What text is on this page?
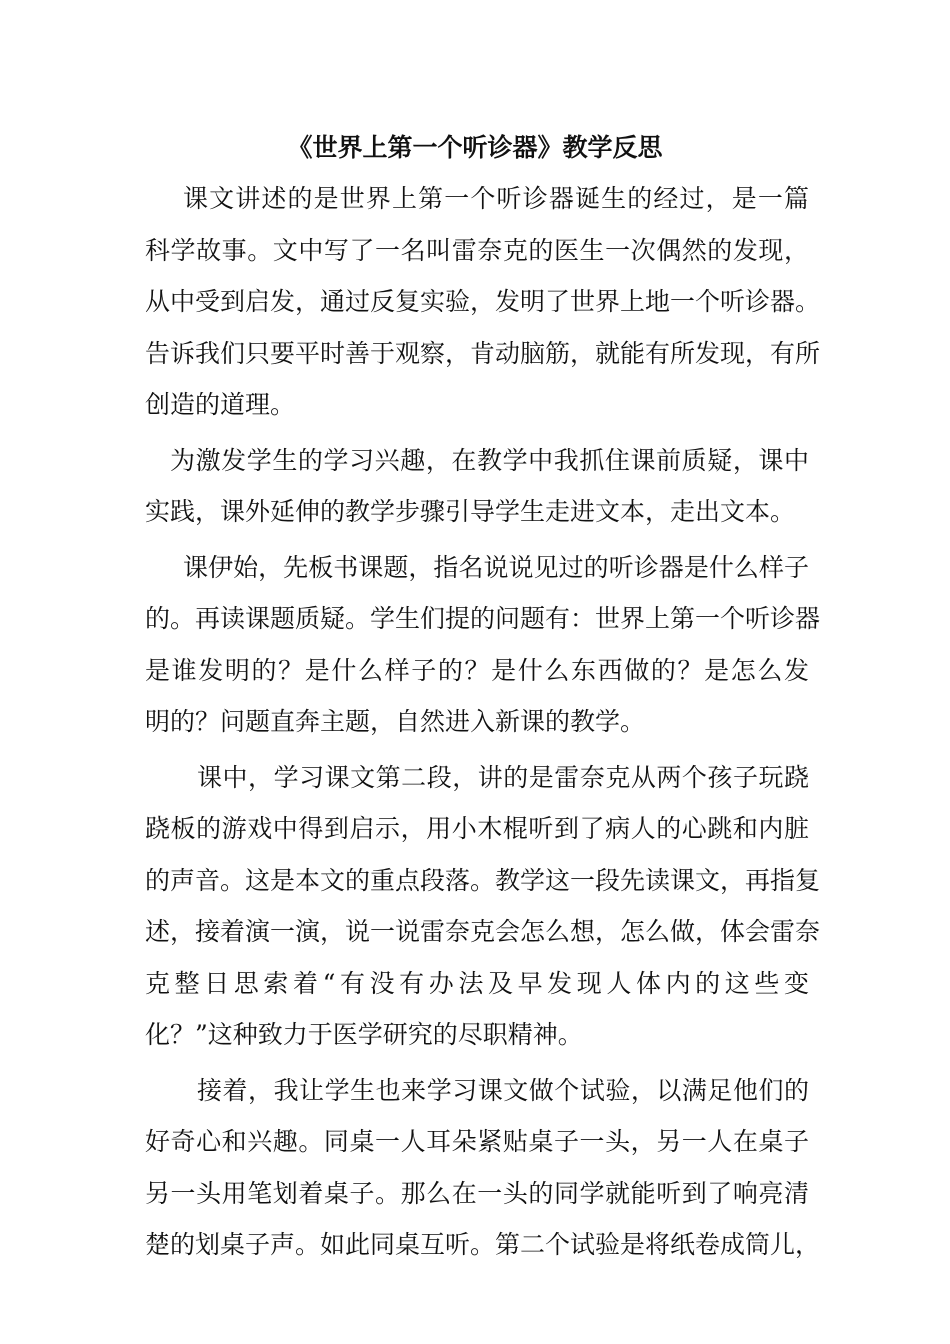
《世界上第一个听诊器》教学反思
课文讲述的是世界上第一个听诊器诞生的经过，是一篇
科学故事。文中写了一名叫雷奈克的医生一次偶然的发现，
从中受到启发，通过反复实验，发明了世界上地一个听诊器。
告诉我们只要平时善于观察，肯动脑筋，就能有所发现，有所
创造的道理。
为激发学生的学习兴趣，在教学中我抓住课前质疑，课中
实践，课外延伸的教学步骤引导学生走进文本，走出文本。
课伊始，先板书课题，指名说说见过的听诊器是什么样子
的。再读课题质疑。学生们提的问题有：世界上第一个听诊器
是谁发明的？是什么样子的？是什么东西做的？是怎么发
明的？问题直奔主题，自然进入新课的教学。
课中，学习课文第二段，讲的是雷奈克从两个孩子玩跷
跷板的游戏中得到启示，用小木棍听到了病人的心跳和内脏
的声音。这是本文的重点段落。教学这一段先读课文，再指复
述，接着演一演，说一说雷奈克会怎么想，怎么做，体会雷奈
克整日思索着“有没有办法及早发现人体内的这些变
化？”这种致力于医学研究的尽职精神。
接着，我让学生也来学习课文做个试验，以满足他们的
好奇心和兴趣。同桌一人耳朵紧贴桌子一头，另一人在桌子
另一头用笔划着桌子。那么在一头的同学就能听到了响亮清
楚的划桌子声。如此同桌互听。第二个试验是将纸卷成筒儿，
